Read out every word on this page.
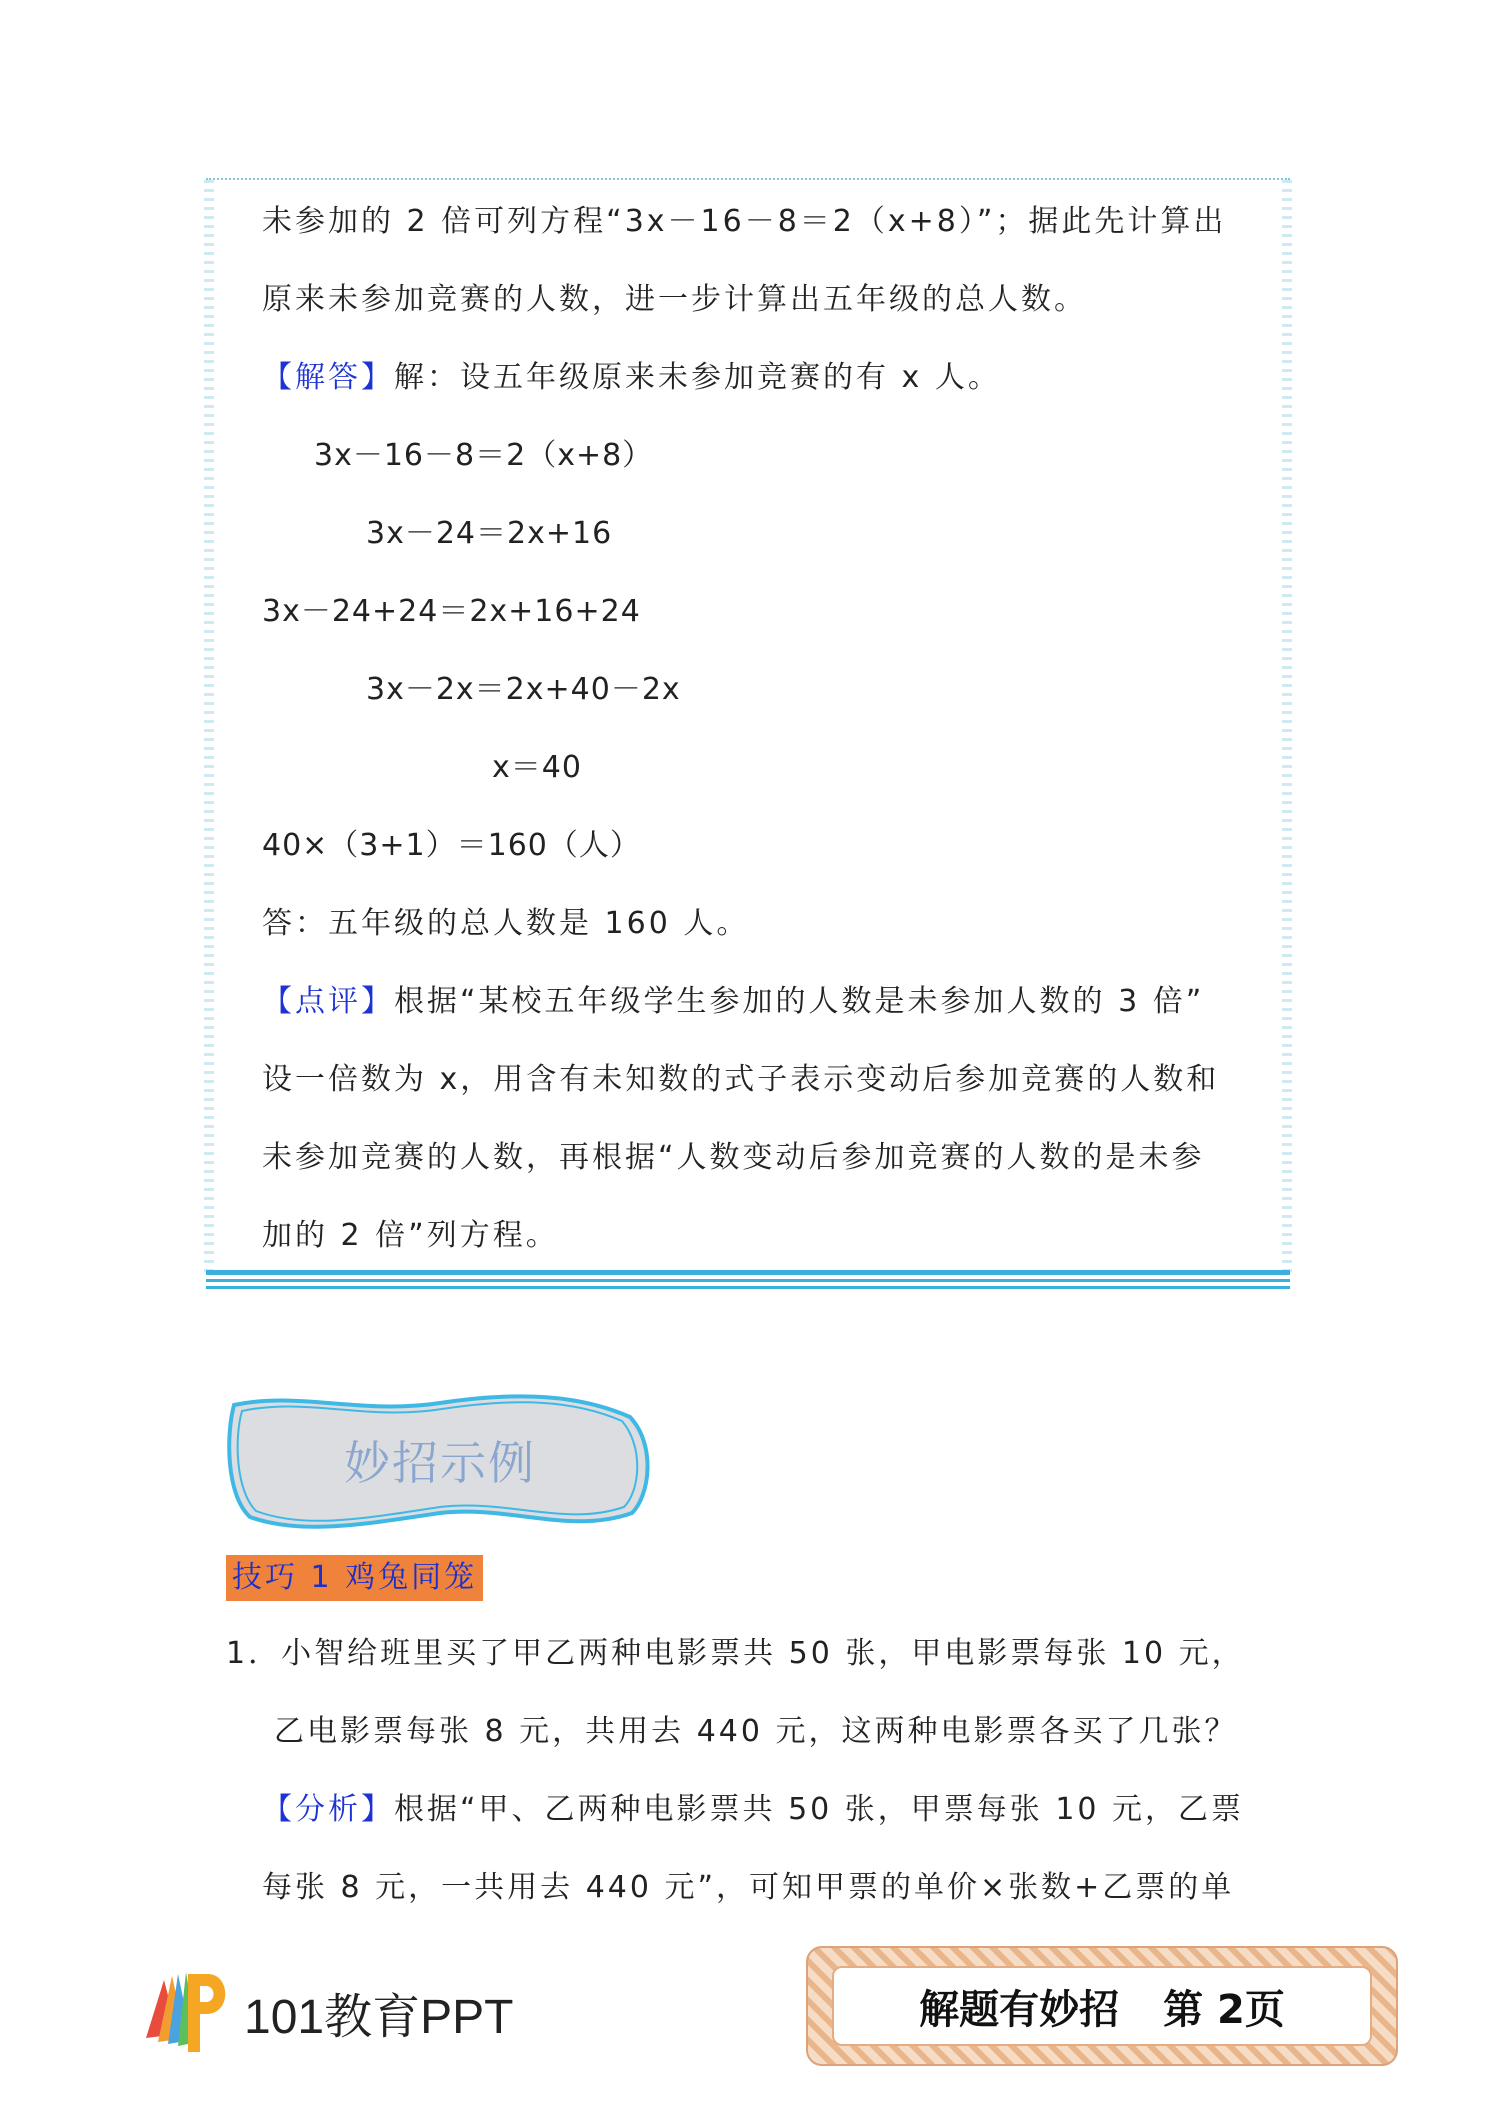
未参加的 2 倍可列方程“3x－16－8＝2（x+8）”；据此先计算出
原来未参加竞赛的人数，进一步计算出五年级的总人数。
【解答】解：设五年级原来未参加竞赛的有 x 人。
3x－16－8＝2（x+8）
3x－24＝2x+16
3x－24+24＝2x+16+24
3x－2x＝2x+40－2x
x＝40
40×（3+1）＝160（人）
答：五年级的总人数是 160 人。
【点评】根据“某校五年级学生参加的人数是未参加人数的 3 倍”
设一倍数为 x，用含有未知数的式子表示变动后参加竞赛的人数和
未参加竞赛的人数，再根据“人数变动后参加竞赛的人数的是未参
加的 2 倍”列方程。
妙招示例
技巧 1 鸡兔同笼
1．小智给班里买了甲乙两种电影票共 50 张，甲电影票每张 10 元，
乙电影票每张 8 元，共用去 440 元，这两种电影票各买了几张？
【分析】根据“甲、乙两种电影票共 50 张，甲票每张 10 元，乙票
每张 8 元，一共用去 440 元”，可知甲票的单价×张数+乙票的单
101教育PPT	解题有妙招 第 2页
